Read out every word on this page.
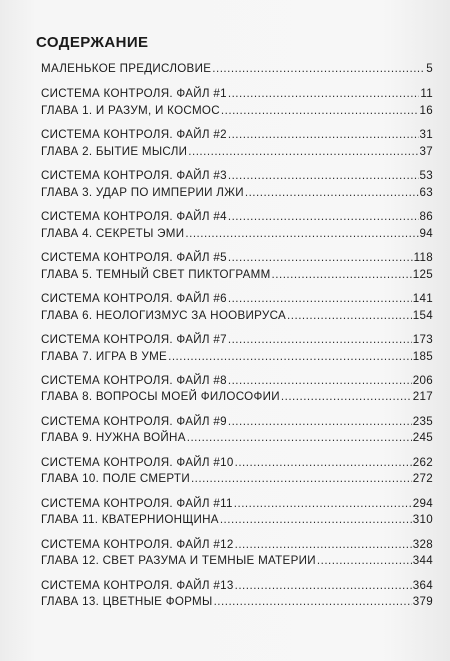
СОДЕРЖАНИЕ
МАЛЕНЬКОЕ ПРЕДИСЛОВИЕ .....	5
СИСТЕМА КОНТРОЛЯ. ФАЙЛ #1 .....	11
ГЛАВА 1. И РАЗУМ, И КОСМОС .....	16
СИСТЕМА КОНТРОЛЯ. ФАЙЛ #2 .....	31
ГЛАВА 2. БЫТИЕ МЫСЛИ .....	37
СИСТЕМА КОНТРОЛЯ. ФАЙЛ #3 .....	53
ГЛАВА 3. УДАР ПО ИМПЕРИИ ЛЖИ .....	63
СИСТЕМА КОНТРОЛЯ. ФАЙЛ #4 .....	86
ГЛАВА 4. СЕКРЕТЫ ЭМИ .....	94
СИСТЕМА КОНТРОЛЯ. ФАЙЛ #5 .....	118
ГЛАВА 5. ТЕМНЫЙ СВЕТ ПИКТОГРАММ .....	125
СИСТЕМА КОНТРОЛЯ. ФАЙЛ #6 .....	141
ГЛАВА 6. НЕОЛОГИЗМУС ЗА НООВИРУСА .....	154
СИСТЕМА КОНТРОЛЯ. ФАЙЛ #7 .....	173
ГЛАВА 7. ИГРА В УМЕ .....	185
СИСТЕМА КОНТРОЛЯ. ФАЙЛ #8 .....	206
ГЛАВА 8. ВОПРОСЫ МОЕЙ ФИЛОСОФИИ .....	217
СИСТЕМА КОНТРОЛЯ. ФАЙЛ #9 .....	235
ГЛАВА 9. НУЖНА ВОЙНА .....	245
СИСТЕМА КОНТРОЛЯ. ФАЙЛ #10 .....	262
ГЛАВА 10. ПОЛЕ СМЕРТИ .....	272
СИСТЕМА КОНТРОЛЯ. ФАЙЛ #11 .....	294
ГЛАВА 11. КВАТЕРНИОНЩИНА .....	310
СИСТЕМА КОНТРОЛЯ. ФАЙЛ #12 .....	328
ГЛАВА 12. СВЕТ РАЗУМА И ТЕМНЫЕ МАТЕРИИ .....	344
СИСТЕМА КОНТРОЛЯ. ФАЙЛ #13 .....	364
ГЛАВА 13. ЦВЕТНЫЕ ФОРМЫ .....	379
